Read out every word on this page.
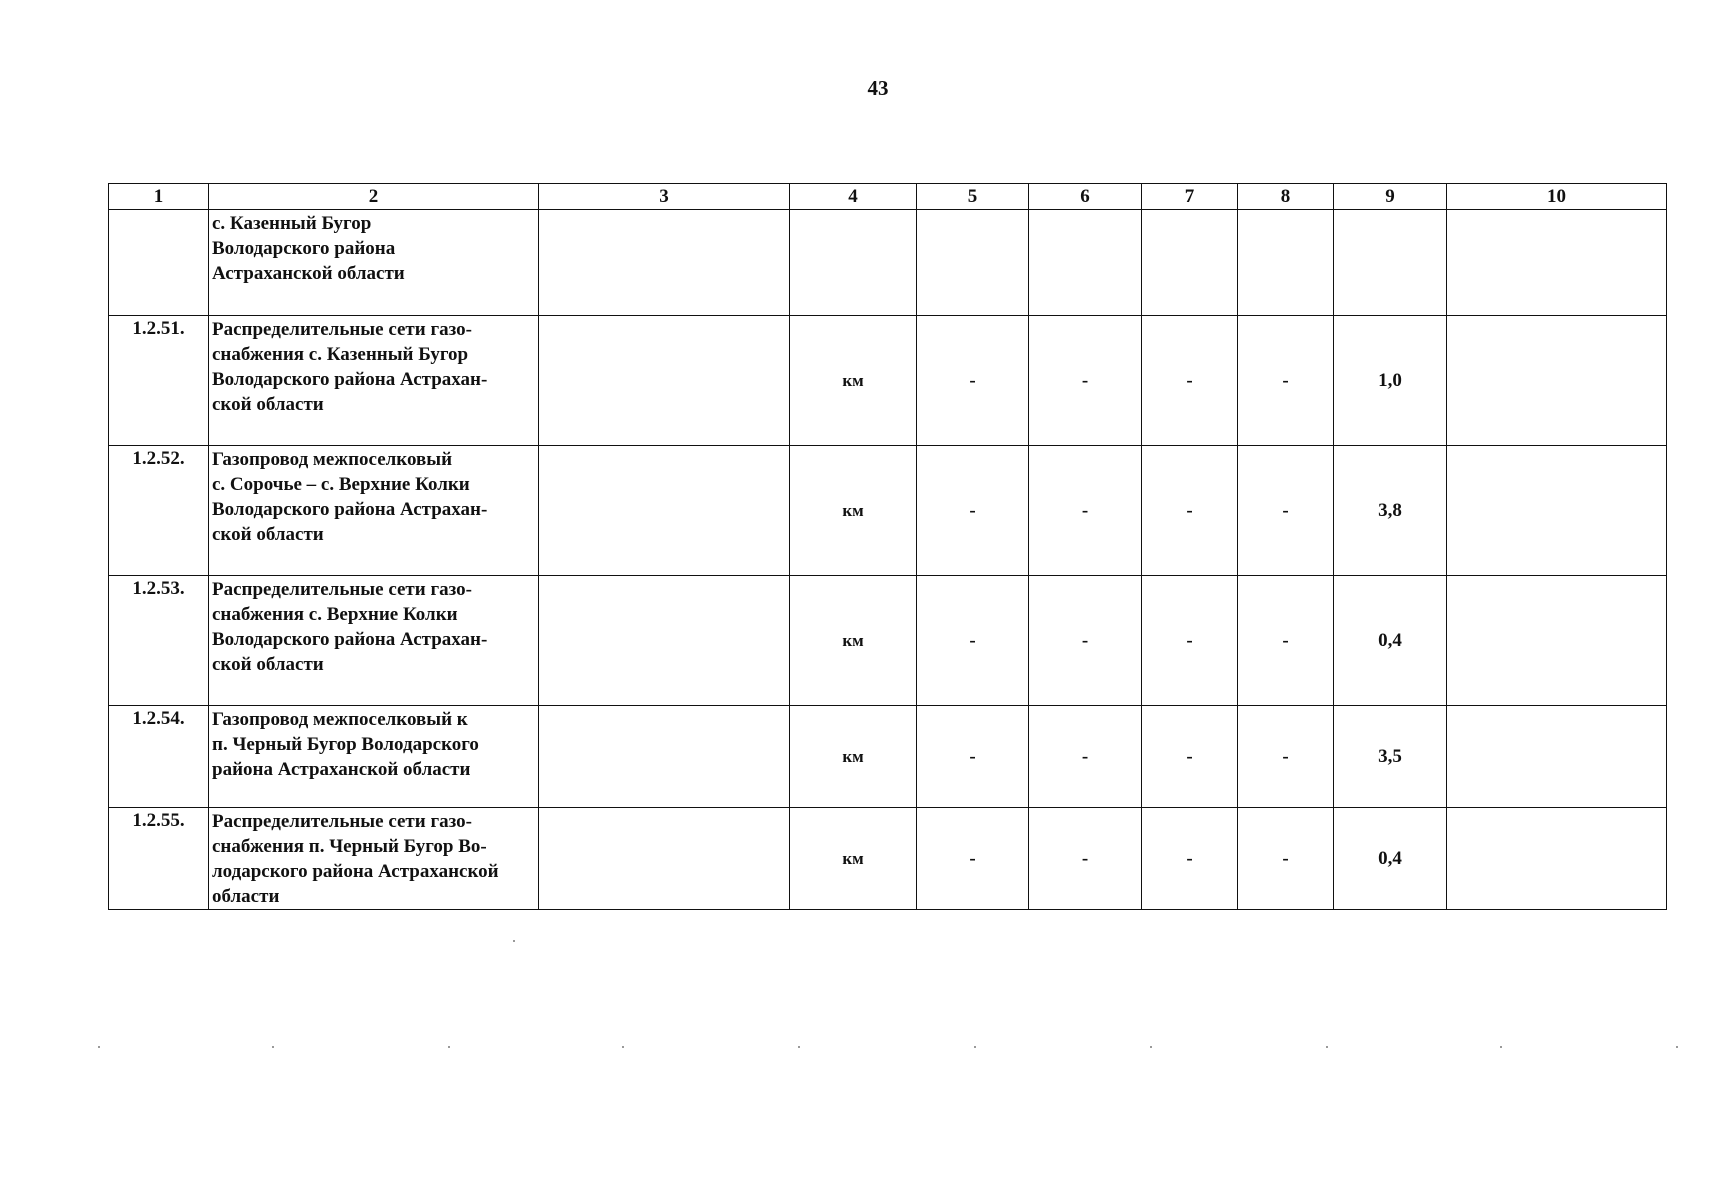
43
1	2	3	4	5	6	7	8	9	10

	с. Казенный Бугор
Володарского района
Астраханской области								

1.2.51.	Распределительные сети газо-
снабжения с. Казенный Бугор
Володарского района Астрахан-
ской области		км	-	-	-	-	1,0	
1.2.52.	Газопровод межпоселковый
с. Сорочье – с. Верхние Колки
Володарского района Астрахан-
ской области		км	-	-	-	-	3,8	
1.2.53.	Распределительные сети газо-
снабжения с. Верхние Колки
Володарского района Астрахан-
ской области		км	-	-	-	-	0,4	
1.2.54.	Газопровод межпоселковый к
п. Черный Бугор Володарского
района Астраханской области		км	-	-	-	-	3,5	
1.2.55.	Распределительные сети газо-
снабжения п. Черный Бугор Во-
лодарского района Астраханской
области		км	-	-	-	-	0,4	
